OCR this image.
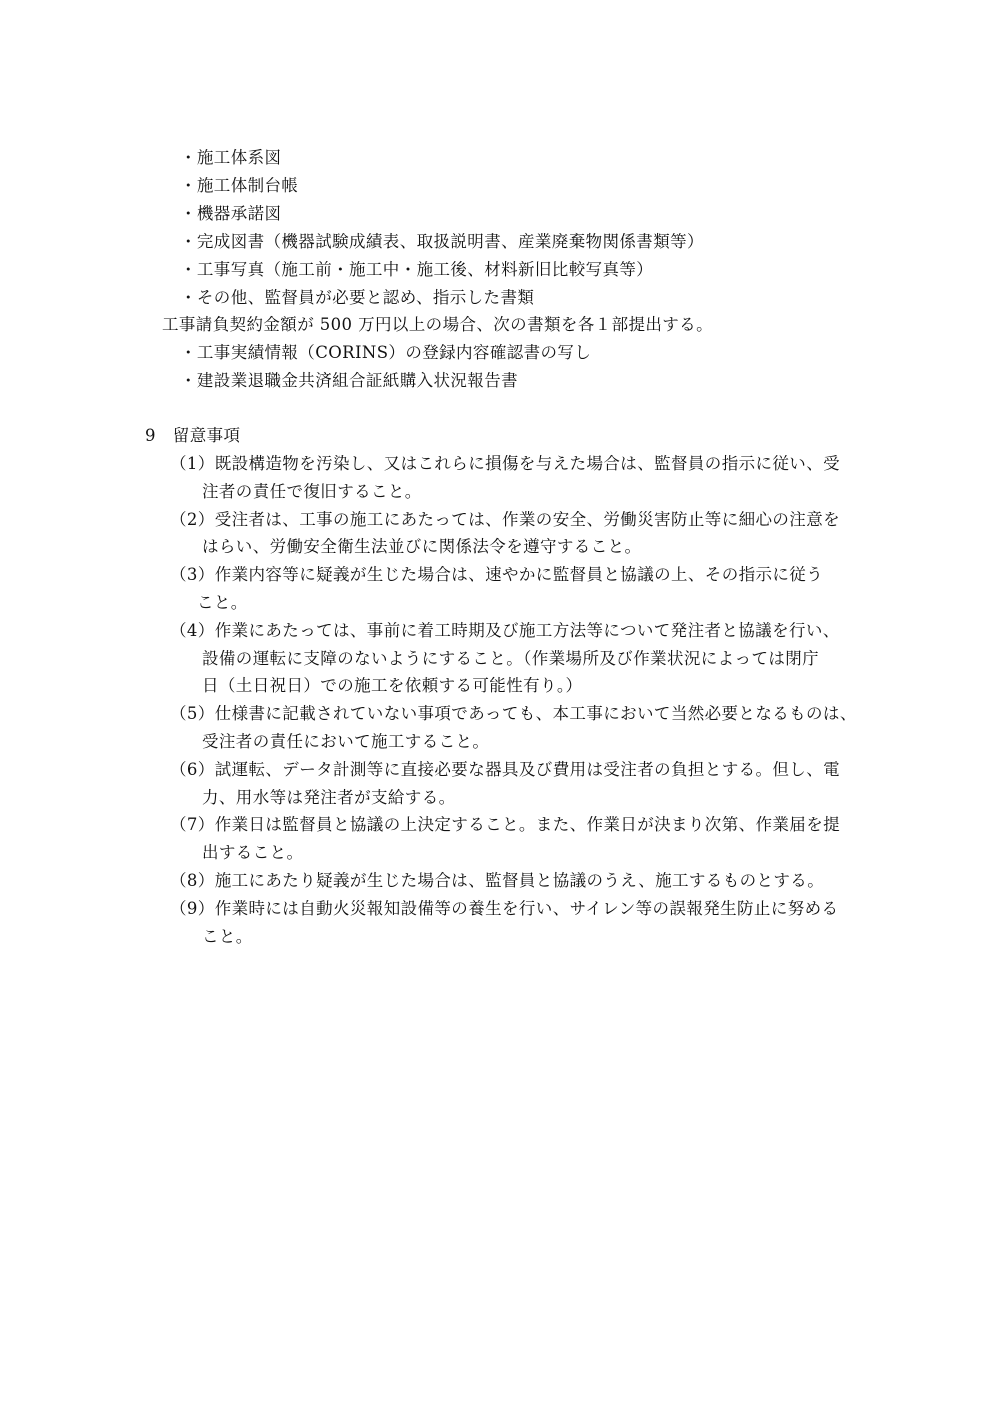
・施工体系図
・施工体制台帳
・機器承諾図
・完成図書（機器試験成績表、取扱説明書、産業廃棄物関係書類等）
・工事写真（施工前・施工中・施工後、材料新旧比較写真等）
・その他、監督員が必要と認め、指示した書類
工事請負契約金額が 500 万円以上の場合、次の書類を各１部提出する。
・工事実績情報（CORINS）の登録内容確認書の写し
・建設業退職金共済組合証紙購入状況報告書
9　留意事項
（1）既設構造物を汚染し、又はこれらに損傷を与えた場合は、監督員の指示に従い、受
注者の責任で復旧すること。
（2）受注者は、工事の施工にあたっては、作業の安全、労働災害防止等に細心の注意を
はらい、労働安全衛生法並びに関係法令を遵守すること。
（3）作業内容等に疑義が生じた場合は、速やかに監督員と協議の上、その指示に従う
こと。
（4）作業にあたっては、事前に着工時期及び施工方法等について発注者と協議を行い、
設備の運転に支障のないようにすること。（作業場所及び作業状況によっては閉庁
日（土日祝日）での施工を依頼する可能性有り。）
（5）仕様書に記載されていない事項であっても、本工事において当然必要となるものは、
受注者の責任において施工すること。
（6）試運転、データ計測等に直接必要な器具及び費用は受注者の負担とする。但し、電
力、用水等は発注者が支給する。
（7）作業日は監督員と協議の上決定すること。また、作業日が決まり次第、作業届を提
出すること。
（8）施工にあたり疑義が生じた場合は、監督員と協議のうえ、施工するものとする。
（9）作業時には自動火災報知設備等の養生を行い、サイレン等の誤報発生防止に努める
こと。
